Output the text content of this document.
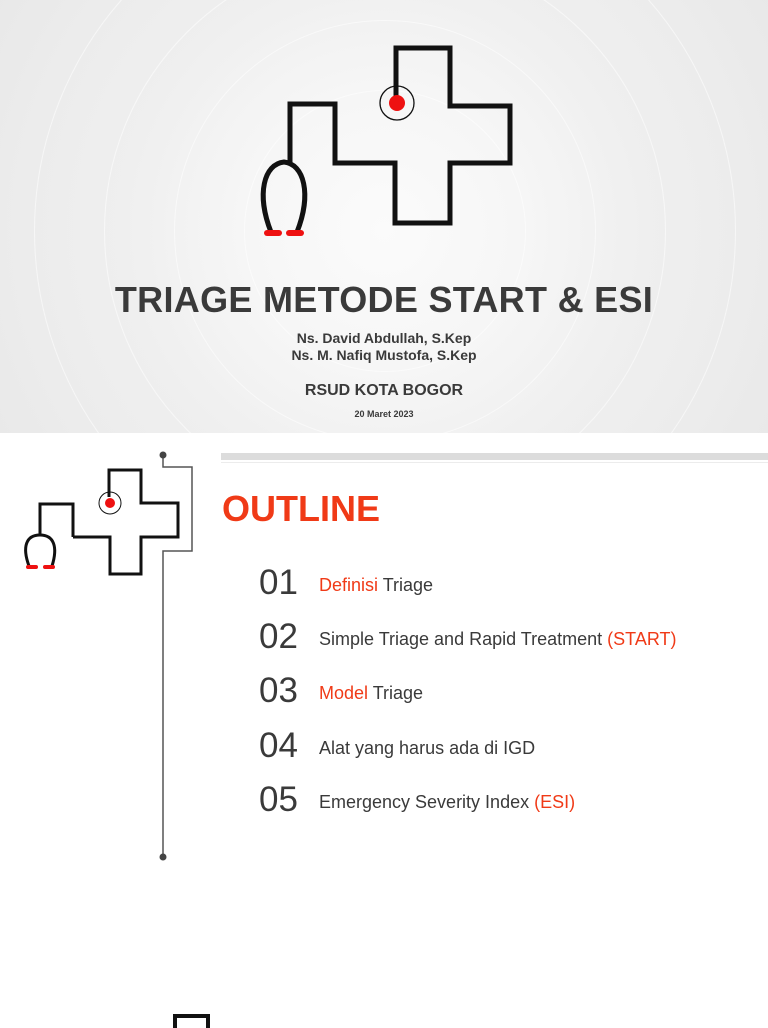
TRIAGE METODE START & ESI
Ns. David Abdullah, S.Kep
Ns. M. Nafiq Mustofa, S.Kep
RSUD KOTA BOGOR
20 Maret 2023
OUTLINE
01 Definisi Triage
02 Simple Triage and Rapid Treatment (START)
03 Model Triage
04 Alat yang harus ada di IGD
05 Emergency Severity Index (ESI)
